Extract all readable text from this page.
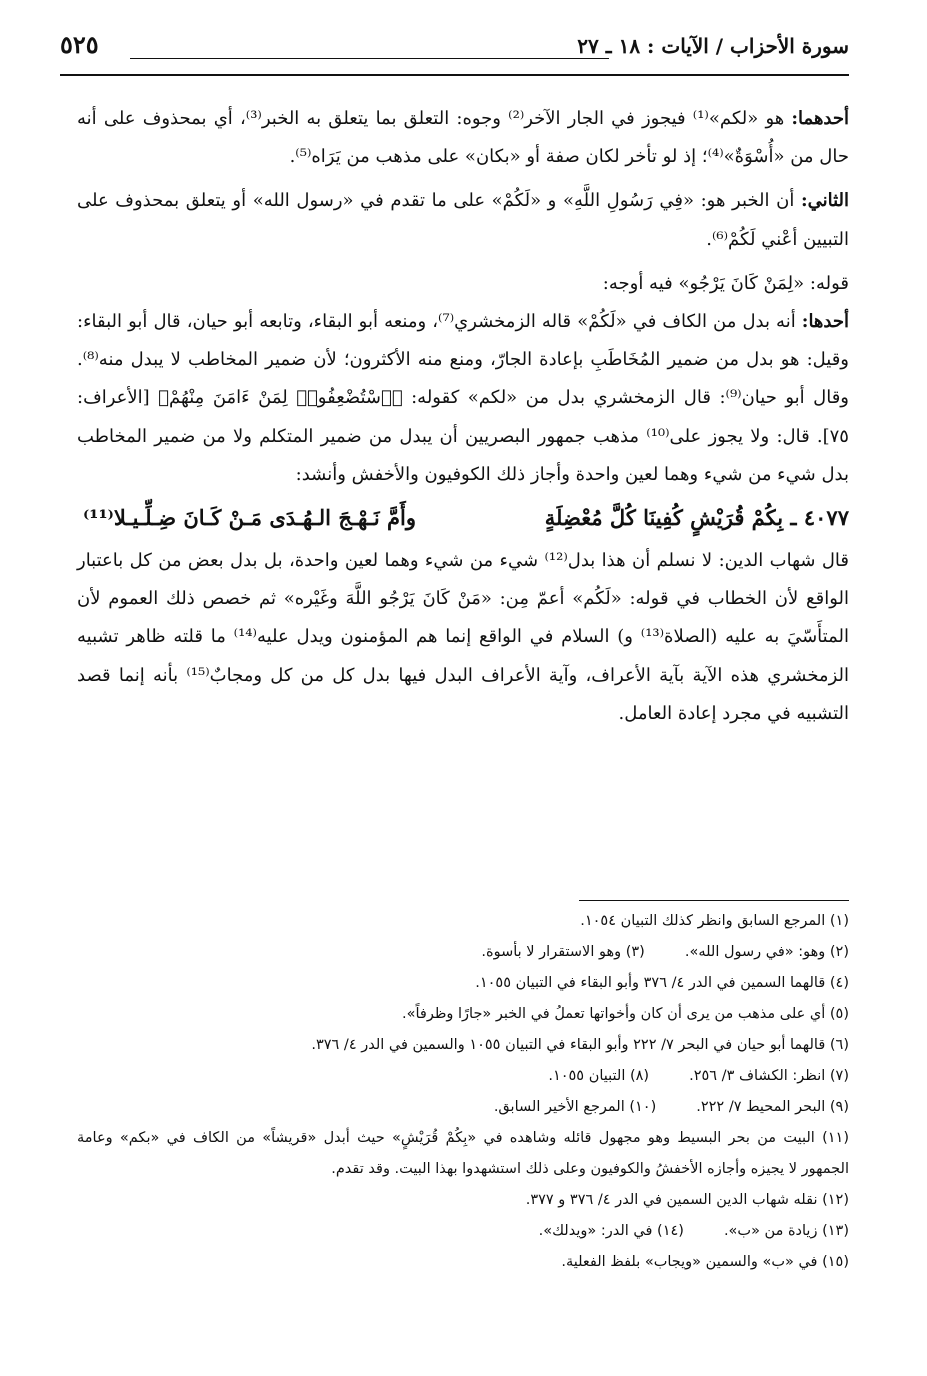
سورة الأحزاب / الآيات : ١٨ ـ ٢٧
٥٢٥

أحدهما: هو «لكم»⁽¹⁾ فيجوز في الجار الآخر⁽²⁾ وجوه: التعلق بما يتعلق به الخبر⁽³⁾، أي بمحذوف على أنه حال من «أُسْوَةٌ»⁽⁴⁾؛ إذ لو تأخر لكان صفة أو «بكان» على مذهب من يَرَاه⁽⁵⁾.

الثاني: أن الخبر هو: «فِي رَسُولِ اللَّهِ» و «لَكُمْ» على ما تقدم في «رسول الله» أو يتعلق بمحذوف على التبيين أعْني لَكُمْ⁽⁶⁾.

قوله: «لِمَنْ كَانَ يَرْجُو» فيه أوجه:

أحدها: أنه بدل من الكاف في «لَكُمْ» قاله الزمخشري⁽⁷⁾، ومنعه أبو البقاء، وتابعه أبو حيان، قال أبو البقاء: وقيل: هو بدل من ضمير المُخَاطَبِ بإعادة الجارّ، ومنع منه الأكثرون؛ لأن ضمير المخاطب لا يبدل منه⁽⁸⁾. وقال أبو حيان⁽⁹⁾: قال الزمخشري بدل من «لكم» كقوله: ﴿ٱسْتُضْعِفُوا۟ لِمَنْ ءَامَنَ مِنْهُمْ﴾ [الأعراف: ٧٥]. قال: ولا يجوز على⁽¹⁰⁾ مذهب جمهور البصريين أن يبدل من ضمير المتكلم ولا من ضمير المخاطب بدل شيء من شيء وهما لعين واحدة وأجاز ذلك الكوفيون والأخفش وأنشد:

٤٠٧٧ ـ بِكُمْ قُرَيْشٍ كُفِينَا كُلَّ مُعْضِلَةٍ
وأَمَّ نَـهْـجَ الـهُـدَى مَـنْ كَـانَ ضِـلِّـيـلا⁽¹¹⁾

قال شهاب الدين: لا نسلم أن هذا بدل⁽¹²⁾ شيء من شيء وهما لعين واحدة، بل بدل بعض من كل باعتبار الواقع لأن الخطاب في قوله: «لَكُم» أعمّ مِن: «مَنْ كَانَ يَرْجُو اللَّهَ وغَيْره» ثم خصص ذلك العموم لأن المتأَسّيَ به عليه (الصلاة⁽¹³⁾ و) السلام في الواقع إنما هم المؤمنون ويدل عليه⁽¹⁴⁾ ما قلته ظاهر تشبيه الزمخشري هذه الآية بآية الأعراف، وآية الأعراف البدل فيها بدل كل من كل ومجابٌ⁽¹⁵⁾ بأنه إنما قصد التشبيه في مجرد إعادة العامل.

(١) المرجع السابق وانظر كذلك التبيان ١٠٥٤.
(٢) وهو: «في رسول الله».
(٣) وهو الاستقرار لا بأسوة.
(٤) قالهما السمين في الدر ٤/ ٣٧٦ وأبو البقاء في التبيان ١٠٥٥.
(٥) أي على مذهب من يرى أن كان وأخواتها تعملُ في الخبر «جارًا وظرفاً».
(٦) قالهما أبو حيان في البحر ٧/ ٢٢٢ وأبو البقاء في التبيان ١٠٥٥ والسمين في الدر ٤/ ٣٧٦.
(٧) انظر: الكشاف ٣/ ٢٥٦.
(٨) التبيان ١٠٥٥.
(٩) البحر المحيط ٧/ ٢٢٢.
(١٠) المرجع الأخير السابق.
(١١) البيت من بحر البسيط وهو مجهول قائله وشاهده في «بِكُمْ قُرَيْشٍ» حيث أبدل «قريشاً» من الكاف في «بكم» وعامة الجمهور لا يجيزه وأجازه الأخفشُ والكوفيون وعلى ذلك استشهدوا بهذا البيت. وقد تقدم.
(١٢) نقله شهاب الدين السمين في الدر ٤/ ٣٧٦ و ٣٧٧.
(١٣) زيادة من «ب».
(١٤) في الدر: «ويدلك».
(١٥) في «ب» والسمين «ويجاب» بلفظ الفعلية.
